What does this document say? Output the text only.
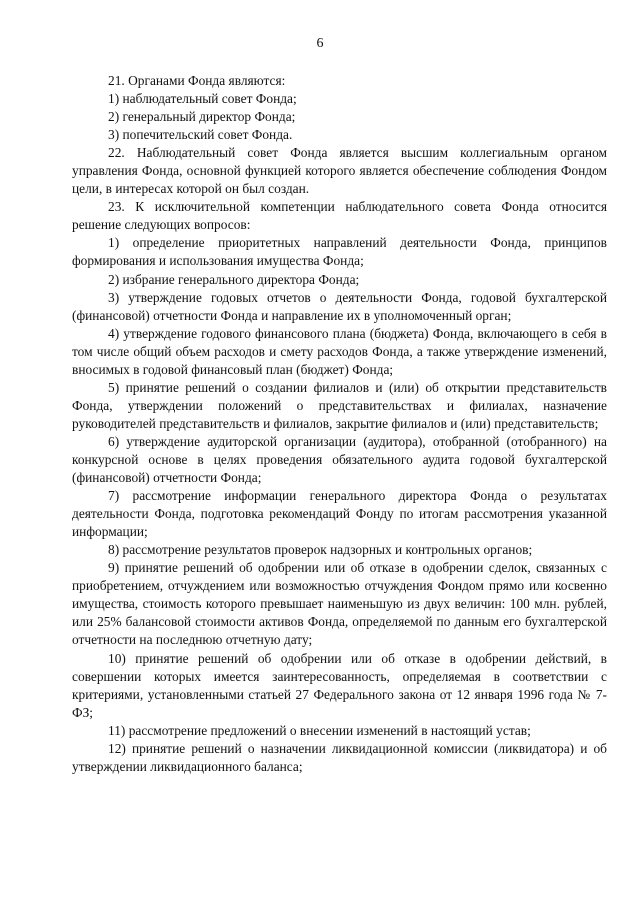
6

21. Органами Фонда являются:

1) наблюдательный совет Фонда;

2) генеральный директор Фонда;

3) попечительский совет Фонда.

22. Наблюдательный совет Фонда является высшим коллегиальным органом управления Фонда, основной функцией которого является обеспечение соблюдения Фондом цели, в интересах которой он был создан.

23. К исключительной компетенции наблюдательного совета Фонда относится решение следующих вопросов:

1) определение приоритетных направлений деятельности Фонда, принципов формирования и использования имущества Фонда;

2) избрание генерального директора Фонда;

3) утверждение годовых отчетов о деятельности Фонда, годовой бухгалтерской (финансовой) отчетности Фонда и направление их в уполномоченный орган;

4) утверждение годового финансового плана (бюджета) Фонда, включающего в себя в том числе общий объем расходов и смету расходов Фонда, а также утверждение изменений, вносимых в годовой финансовый план (бюджет) Фонда;

5) принятие решений о создании филиалов и (или) об открытии представительств Фонда, утверждении положений о представительствах и филиалах, назначение руководителей представительств и филиалов, закрытие филиалов и (или) представительств;

6) утверждение аудиторской организации (аудитора), отобранной (отобранного) на конкурсной основе в целях проведения обязательного аудита годовой бухгалтерской (финансовой) отчетности Фонда;

7) рассмотрение информации генерального директора Фонда о результатах деятельности Фонда, подготовка рекомендаций Фонду по итогам рассмотрения указанной информации;

8) рассмотрение результатов проверок надзорных и контрольных органов;

9) принятие решений об одобрении или об отказе в одобрении сделок, связанных с приобретением, отчуждением или возможностью отчуждения Фондом прямо или косвенно имущества, стоимость которого превышает наименьшую из двух величин: 100 млн. рублей, или 25% балансовой стоимости активов Фонда, определяемой по данным его бухгалтерской отчетности на последнюю отчетную дату;

10) принятие решений об одобрении или об отказе в одобрении действий, в совершении которых имеется заинтересованность, определяемая в соответствии с критериями, установленными статьей 27 Федерального закона от 12 января 1996 года № 7- ФЗ;

11) рассмотрение предложений о внесении изменений в настоящий устав;

12) принятие решений о назначении ликвидационной комиссии (ликвидатора) и об утверждении ликвидационного баланса;
